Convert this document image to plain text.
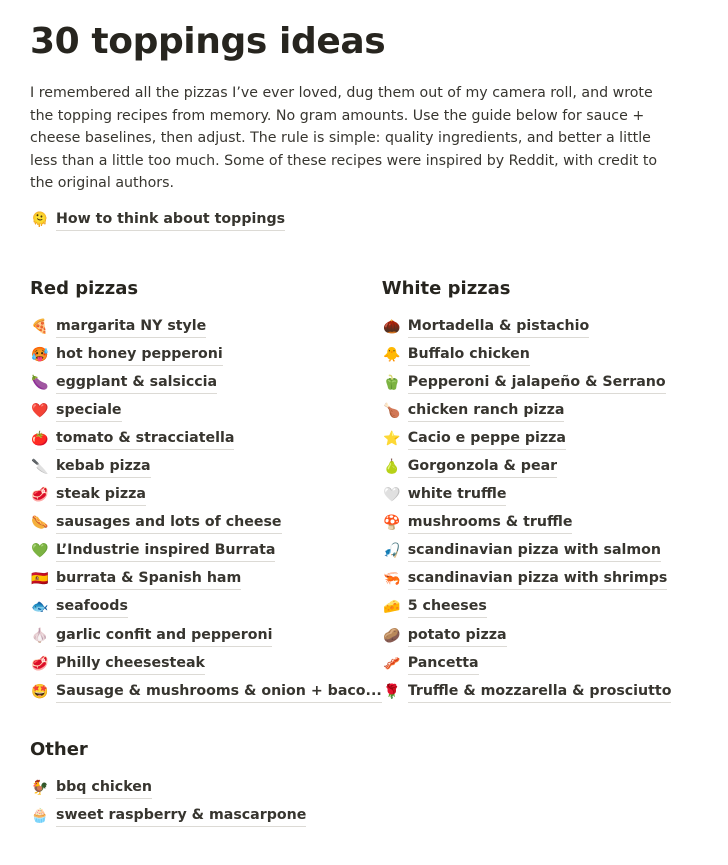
30 toppings ideas

I remembered all the pizzas I’ve ever loved, dug them out of my camera roll, and wrote the topping recipes from memory. No gram amounts. Use the guide below for sauce + cheese baselines, then adjust. The rule is simple: quality ingredients, and better a little less than a little too much. Some of these recipes were inspired by Reddit, with credit to the original authors.

🫠 How to think about toppings
Red pizzas
🍕 margarita NY style
🥵 hot honey pepperoni
🍆 eggplant & salsiccia
❤️ speciale
🍅 tomato & stracciatella
🔪 kebab pizza
🥩 steak pizza
🌭 sausages and lots of cheese
💚 L’Industrie inspired Burrata
🇪🇸 burrata & Spanish ham
🐟 seafoods
🧄 garlic confit and pepperoni
🥩 Philly cheesesteak
🤩 Sausage & mushrooms & onion + baco...
White pizzas
🌰 Mortadella & pistachio
🐥 Buffalo chicken
🫑 Pepperoni & jalapeño & Serrano
🍗 chicken ranch pizza
⭐ Cacio e peppe pizza
🍐 Gorgonzola & pear
🤍 white truffle
🍄 mushrooms & truffle
🎣 scandinavian pizza with salmon
🦐 scandinavian pizza with shrimps
🧀 5 cheeses
🥔 potato pizza
🥓 Pancetta
🌹 Truffle & mozzarella & prosciutto
Other
🐓 bbq chicken
🧁 sweet raspberry & mascarpone
